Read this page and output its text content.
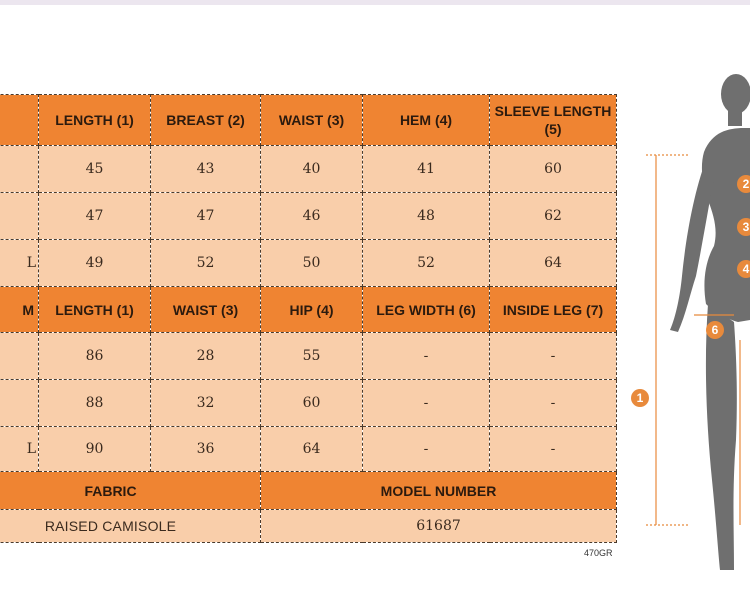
	LENGTH (1)	BREAST (2)	WAIST (3)	HEM (4)	SLEEVE LENGTH (5)
	45	43	40	41	60
	47	47	46	48	62
L	49	52	50	52	64
M	LENGTH (1)	WAIST (3)	HIP (4)	LEG WIDTH (6)	INSIDE LEG (7)
	86	28	55	-	-
	88	32	60	-	-
L	90	36	64	-	-
FABRIC			MODEL NUMBER		
RAISED CAMISOLE			61687		
470GR
1
2
3
4
6
